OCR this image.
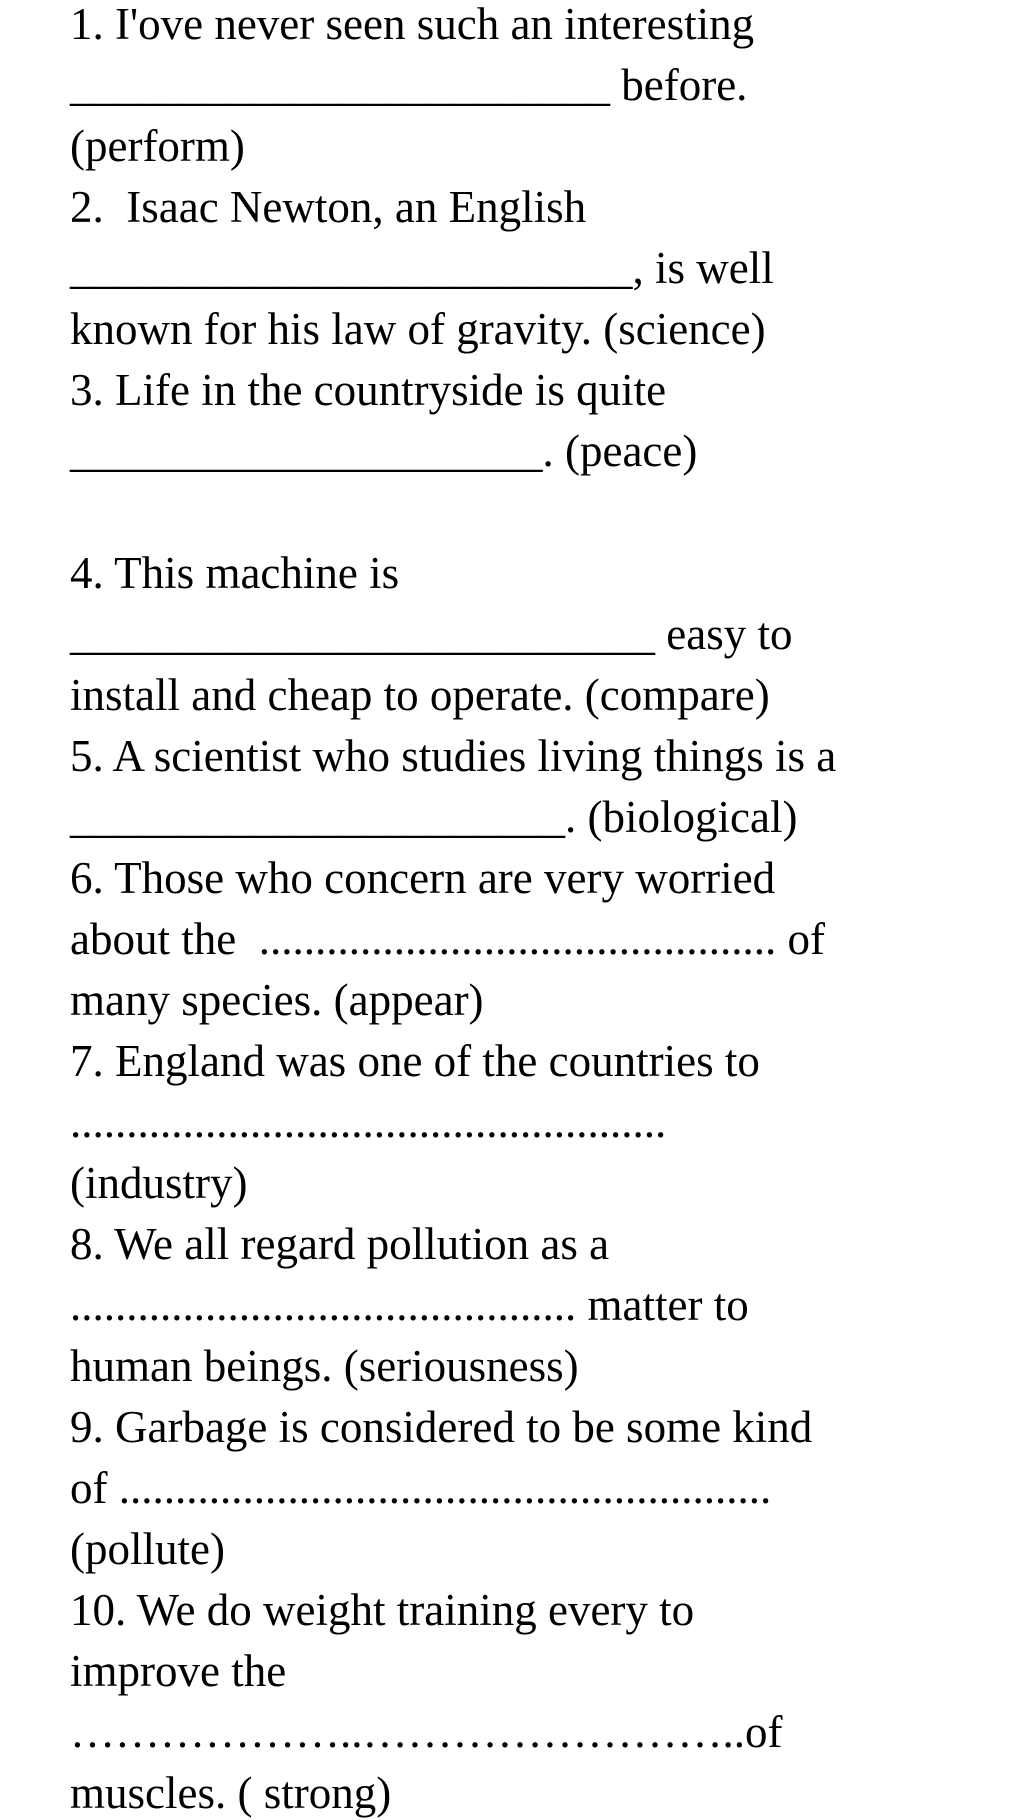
1. I'ove never seen such an interesting
________________________ before.
(perform)
2.  Isaac Newton, an English
_________________________, is well
known for his law of gravity. (science)
3. Life in the countryside is quite
_____________________. (peace)
4. This machine is
__________________________ easy to
install and cheap to operate. (compare)
5. A scientist who studies living things is a
______________________. (biological)
6. Those who concern are very worried
about the  .............................................. of
many species. (appear)
7. England was one of the countries to
.....................................................
(industry)
8. We all regard pollution as a
............................................. matter to
human beings. (seriousness)
9. Garbage is considered to be some kind
of ..........................................................
(pollute)
10. We do weight training every to
improve the
………………..……………………..of
muscles. ( strong)
